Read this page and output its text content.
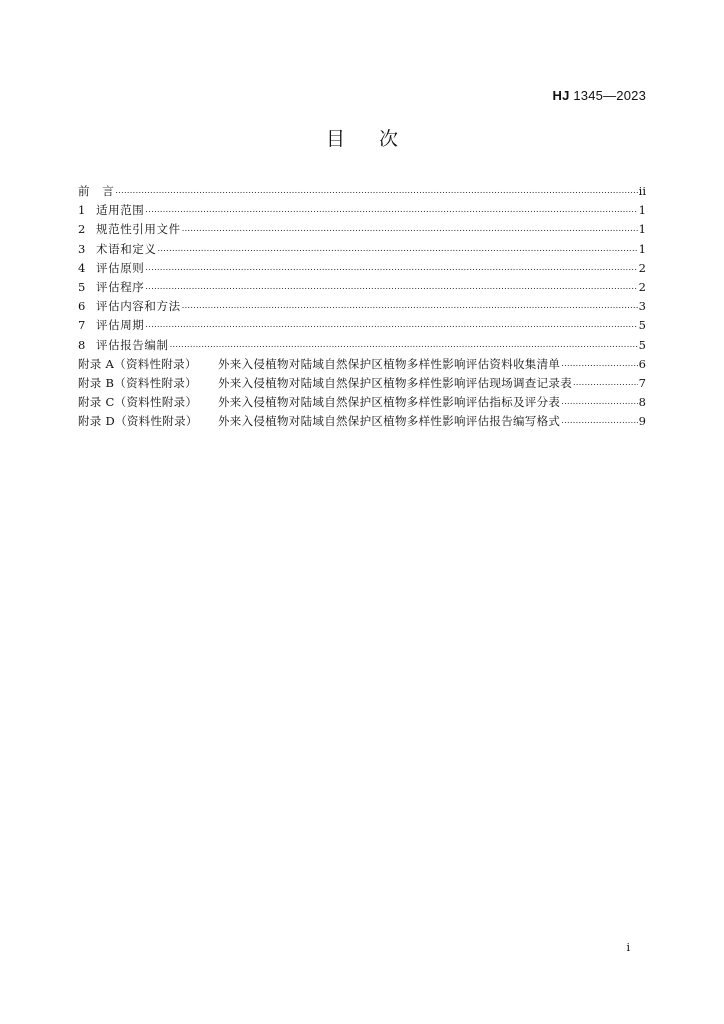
HJ 1345—2023
目次
前　言 .....	ii
1 适用范围 .....	1
2 规范性引用文件 .....	1
3 术语和定义 .....	1
4 评估原则 .....	2
5 评估程序 .....	2
6 评估内容和方法 .....	3
7 评估周期 .....	5
8 评估报告编制 .....	5
附录 A（资料性附录） 外来入侵植物对陆域自然保护区植物多样性影响评估资料收集清单 .....	6
附录 B（资料性附录） 外来入侵植物对陆域自然保护区植物多样性影响评估现场调查记录表 .....	7
附录 C（资料性附录） 外来入侵植物对陆域自然保护区植物多样性影响评估指标及评分表 .....	8
附录 D（资料性附录） 外来入侵植物对陆域自然保护区植物多样性影响评估报告编写格式 .....	9
i
